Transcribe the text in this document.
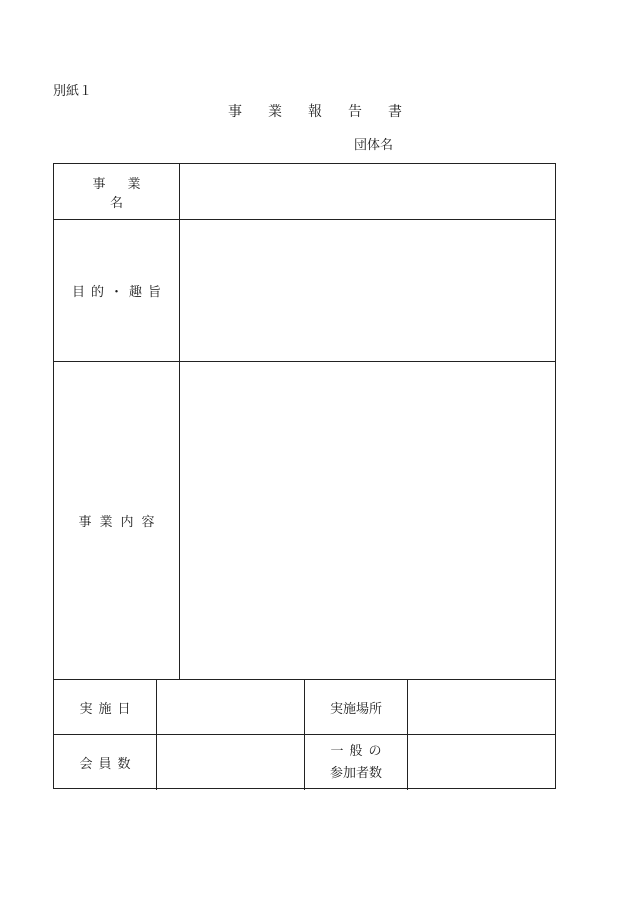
別紙１
事業報告書
団体名
事業名
目的・趣旨
事業内容
実施日	実施場所
会員数
一般の
参加者数
